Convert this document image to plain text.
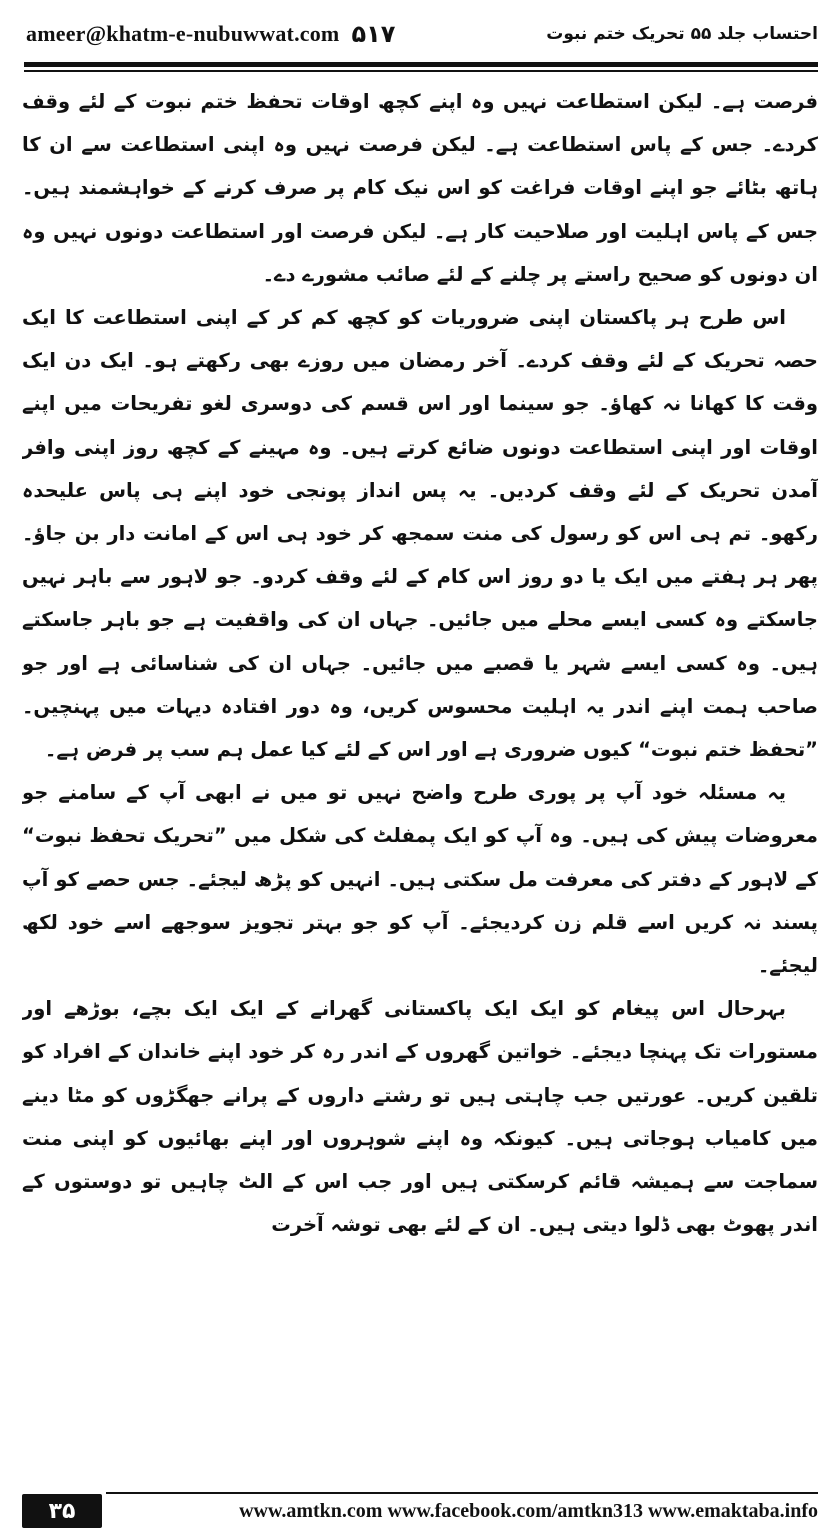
ameer@khatm-e-nubuwwat.com ۵۱۷	احتساب جلد ۵۵ تحریک ختم نبوت

فرصت ہے۔ لیکن استطاعت نہیں وہ اپنے کچھ اوقات تحفظ ختم نبوت کے لئے وقف کردے۔ جس کے پاس استطاعت ہے۔ لیکن فرصت نہیں وہ اپنی استطاعت سے ان کا ہاتھ بٹائے جو اپنے اوقات فراغت کو اس نیک کام پر صرف کرنے کے خواہشمند ہیں۔ جس کے پاس اہلیت اور صلاحیت کار ہے۔ لیکن فرصت اور استطاعت دونوں نہیں وہ ان دونوں کو صحیح راستے پر چلنے کے لئے صائب مشورے دے۔

اس طرح ہر پاکستان اپنی ضروریات کو کچھ کم کر کے اپنی استطاعت کا ایک حصہ تحریک کے لئے وقف کردے۔ آخر رمضان میں روزے بھی رکھتے ہو۔ ایک دن ایک وقت کا کھانا نہ کھاؤ۔ جو سینما اور اس قسم کی دوسری لغو تفریحات میں اپنے اوقات اور اپنی استطاعت دونوں ضائع کرتے ہیں۔ وہ مہینے کے کچھ روز اپنی وافر آمدن تحریک کے لئے وقف کردیں۔ یہ پس انداز پونجی خود اپنے ہی پاس علیحدہ رکھو۔ تم ہی اس کو رسول کی منت سمجھ کر خود ہی اس کے امانت دار بن جاؤ۔ پھر ہر ہفتے میں ایک یا دو روز اس کام کے لئے وقف کردو۔ جو لاہور سے باہر نہیں جاسکتے وہ کسی ایسے محلے میں جائیں۔ جہاں ان کی واقفیت ہے جو باہر جاسکتے ہیں۔ وہ کسی ایسے شہر یا قصبے میں جائیں۔ جہاں ان کی شناسائی ہے اور جو صاحب ہمت اپنے اندر یہ اہلیت محسوس کریں، وہ دور افتادہ دیہات میں پہنچیں۔ ”تحفظ ختم نبوت“ کیوں ضروری ہے اور اس کے لئے کیا عمل ہم سب پر فرض ہے۔

یہ مسئلہ خود آپ پر پوری طرح واضح نہیں تو میں نے ابھی آپ کے سامنے جو معروضات پیش کی ہیں۔ وہ آپ کو ایک پمفلٹ کی شکل میں ”تحریک تحفظ نبوت“ کے لاہور کے دفتر کی معرفت مل سکتی ہیں۔ انہیں کو پڑھ لیجئے۔ جس حصے کو آپ پسند نہ کریں اسے قلم زن کردیجئے۔ آپ کو جو بہتر تجویز سوجھے اسے خود لکھ لیجئے۔

بہرحال اس پیغام کو ایک ایک پاکستانی گھرانے کے ایک ایک بچے، بوڑھے اور مستورات تک پہنچا دیجئے۔ خواتین گھروں کے اندر رہ کر خود اپنے خاندان کے افراد کو تلقین کریں۔ عورتیں جب چاہتی ہیں تو رشتے داروں کے پرانے جھگڑوں کو مٹا دینے میں کامیاب ہوجاتی ہیں۔ کیونکہ وہ اپنے شوہروں اور اپنے بھائیوں کو اپنی منت سماجت سے ہمیشہ قائم کرسکتی ہیں اور جب اس کے الٹ چاہیں تو دوستوں کے اندر پھوٹ بھی ڈلوا دیتی ہیں۔ ان کے لئے بھی توشہ آخرت

۳۵	www.amtkn.com www.facebook.com/amtkn313 www.emaktaba.info
